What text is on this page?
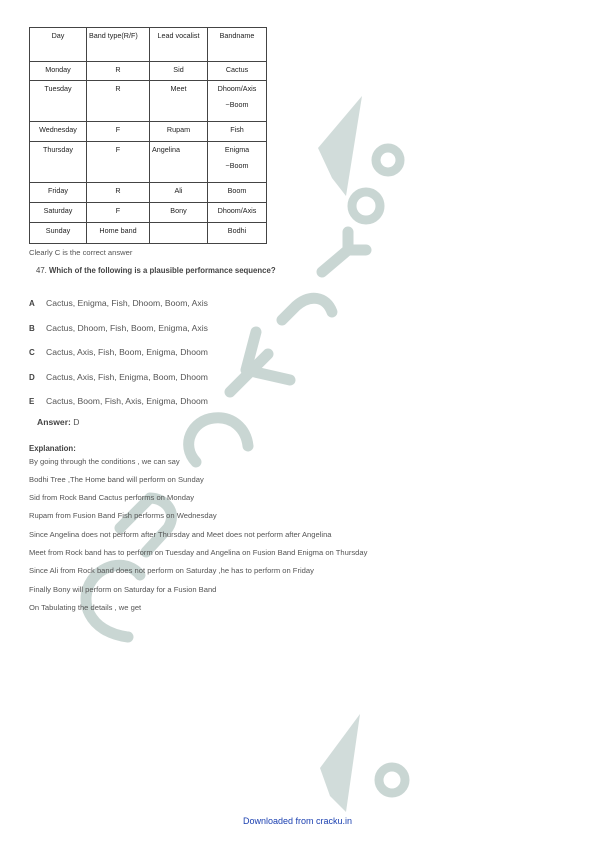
Day	Band type(R/F)	Lead vocalist	Bandname
Monday	R	Sid	Cactus
Tuesday	R	Meet	Dhoom/Axis
~Boom

Wednesday	F	Rupam	Fish
Thursday	F	Angelina	Enigma
~Boom

Friday	R	Ali	Boom
Saturday	F	Bony	Dhoom/Axis
Sunday	Home band		Bodhi
Clearly C is the correct answer
47. Which of the following is a plausible performance sequence?
A Cactus, Enigma, Fish, Dhoom, Boom, Axis
B Cactus, Dhoom, Fish, Boom, Enigma, Axis
C Cactus, Axis, Fish, Boom, Enigma, Dhoom
D Cactus, Axis, Fish, Enigma, Boom, Dhoom
E Cactus, Boom, Fish, Axis, Enigma, Dhoom
Answer: D
Explanation:
By going through the conditions , we can say
Bodhi Tree ,The Home band will perform on Sunday
Sid from Rock Band Cactus performs on Monday
Rupam from Fusion Band Fish performs on Wednesday
Since Angelina does not perform after Thursday and Meet does not perform after Angelina
Meet from Rock band has to perform on Tuesday and Angelina on Fusion Band Enigma on Thursday
Since Ali from Rock band does not perform on Saturday ,he has to perform on Friday
Finally Bony will perform on Saturday for a Fusion Band
On Tabulating the details , we get
Downloaded from cracku.in
